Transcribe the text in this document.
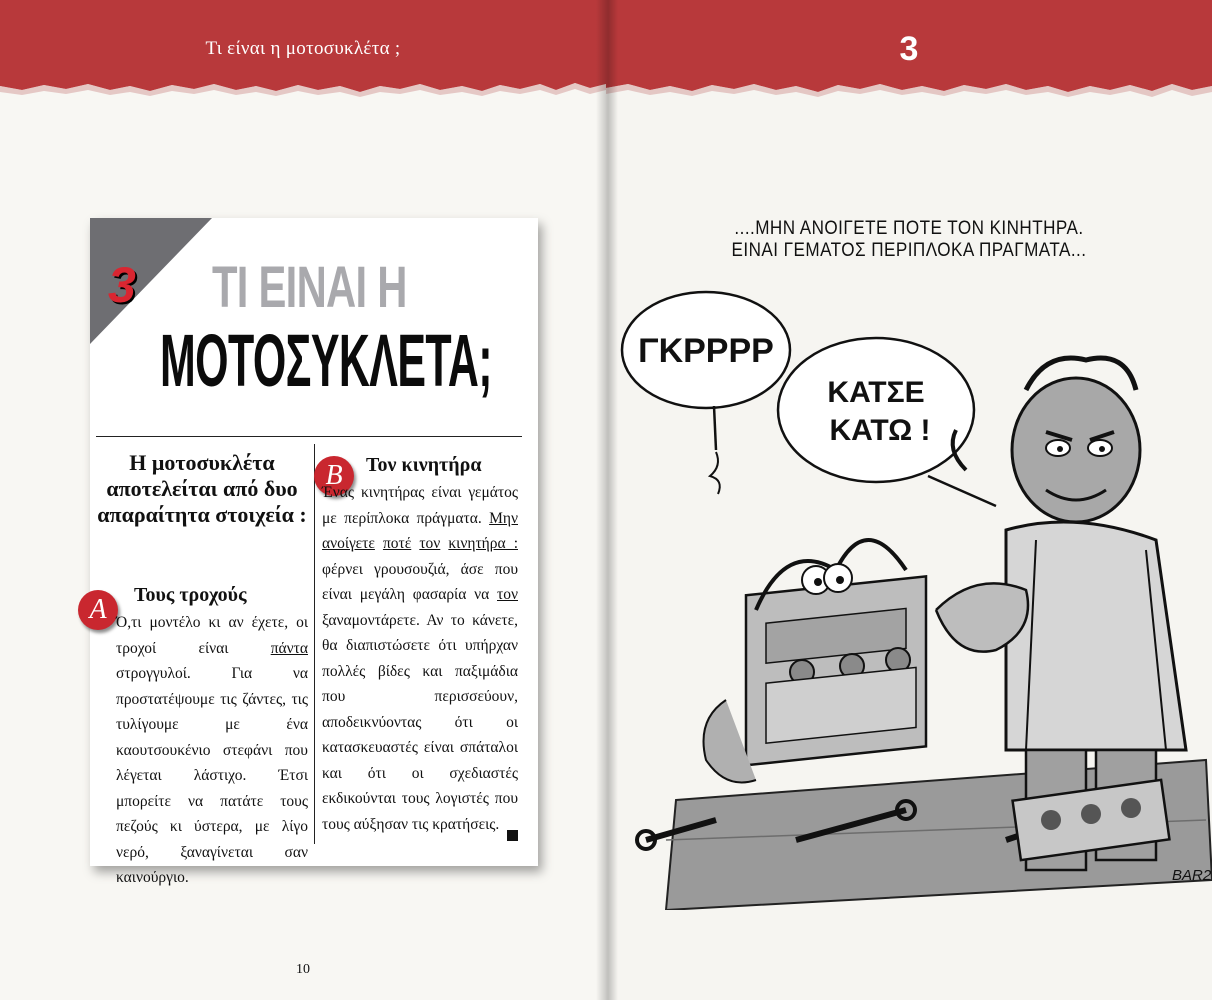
Τι είναι η μοτοσυκλέτα ;
3 ΤΙ ΕΙΝΑΙ Η
ΜΟΤΟΣΥΚΛΕΤΑ;
Η μοτοσυκλέτα αποτελείται από δυο απαραίτητα στοιχεία :
A	Τους τροχούς
Ό,τι μοντέλο κι αν έχετε, οι
τροχοί είναι πάντα
στρογγυλοί. Για να
προστατέψουμε τις ζάντες, τις
τυλίγουμε με ένα
καουτσουκένιο στεφάνι που
λέγεται λάστιχο. Έτσι
μπορείτε να πατάτε τους
πεζούς κι ύστερα, με λίγο
νερό, ξαναγίνεται σαν
καινούργιο.
B	Τον κινητήρα
Ένας κινητήρας είναι γεμάτος
με περίπλοκα πράγματα. Μην
ανοίγετε ποτέ τον κινητήρα :
φέρνει γρουσουζιά, άσε που
είναι μεγάλη φασαρία να τον
ξαναμοντάρετε. Αν το κάνετε,
θα διαπιστώσετε ότι υπήρχαν
πολλές βίδες και παξιμάδια
που περισσεύουν,
αποδεικνύοντας ότι οι
κατασκευαστές είναι σπάταλοι
και ότι οι σχεδιαστές
εκδικούνται τους λογιστές που
τους αύξησαν τις κρατήσεις.
10
3
....ΜΗΝ ΑΝΟΙΓΕΤΕ ΠΟΤΕ ΤΟΝ ΚΙΝΗΤΗΡΑ.
ΕΙΝΑΙ ΓΕΜΑΤΟΣ ΠΕΡΙΠΛΟΚΑ ΠΡΑΓΜΑΤΑ...
ΓΚΡΡΡΡ
ΚΑΤΣΕ
ΚΑΤΩ !
BAR2
